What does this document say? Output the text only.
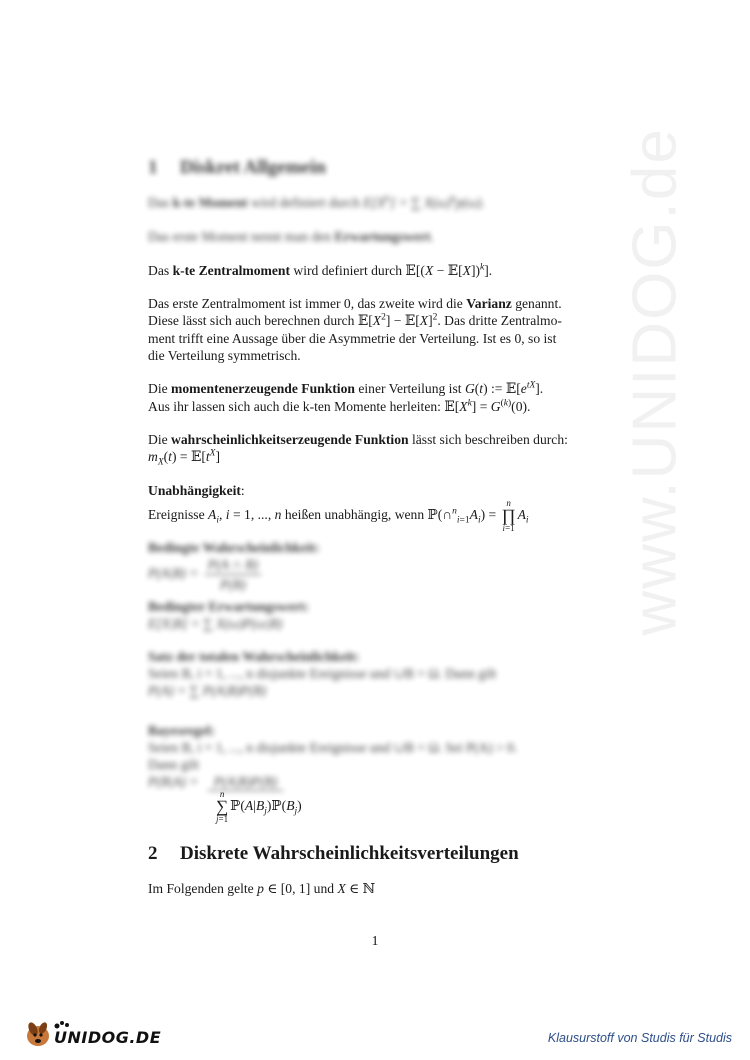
www.UNIDOG.de
1 Diskret Allgemein
Das k-te Moment wird definiert durch $E[X^k]$ = ∑ $X(\omega)^kp(\omega)$.
Das erste Moment nennt man den Erwartungswert.
Das k-te Zentralmoment wird definiert durch 𝔼[(X − 𝔼[X])$^k$].
Das erste Zentralmoment ist immer 0, das zweite wird die Varianz genannt.
Diese lässt sich auch berechnen durch $𝔼[X^2]$ − $𝔼[X]^2$. Das dritte Zentralmo-
ment trifft eine Aussage über die Asymmetrie der Verteilung. Ist es 0, so ist
die Verteilung symmetrisch.
Die momentenerzeugende Funktion einer Verteilung ist G(t) := $𝔼[e^{tX}]$.
Aus ihr lassen sich auch die k-ten Momente herleiten: $𝔼[X^k] = G^{(k)}(0)$.
Die wahrscheinlichkeitserzeugende Funktion lässt sich beschreiben durch:
$m_X(t)$ = $𝔼[t^X]$
Unabhängigkeit:
Ereignisse $A_i$, i = 1, ..., n heißen unabhängig, wenn $ℙ(\cap^n_{i=1}A_i) = n$
∏
$i=1A_i$
Bedingte Wahrscheinlichkeit:
$P(A|B) = \frac{P(A \cap B)}{P(B)}$
Bedingter Erwartungswert:
E[X|B] = ∑ X(ω)P(ω|B)
Satz der totalen Wahrscheinlichkeit:
Seien B, i = 1, ..., n disjunkte Ereignisse und ∪B = Ω. Dann gilt
P(A) = ∑ P(A|B)P(B)
Bayesregel:
Seien B, i = 1, ..., n disjunkte Ereignisse und ∪B = Ω. Sei P(A) > 0.
Dann gilt
P(B|A) = P(A|B)P(B)
n
∑
$j=1ℙ(A|B_j)ℙ(B_j)$
2 Diskrete Wahrscheinlichkeitsverteilungen
Im Folgenden gelte p ∈ [0, 1] und X ∈ ℕ
1
UNIDOG.DE	Klausurstoff von Studis für Studis
